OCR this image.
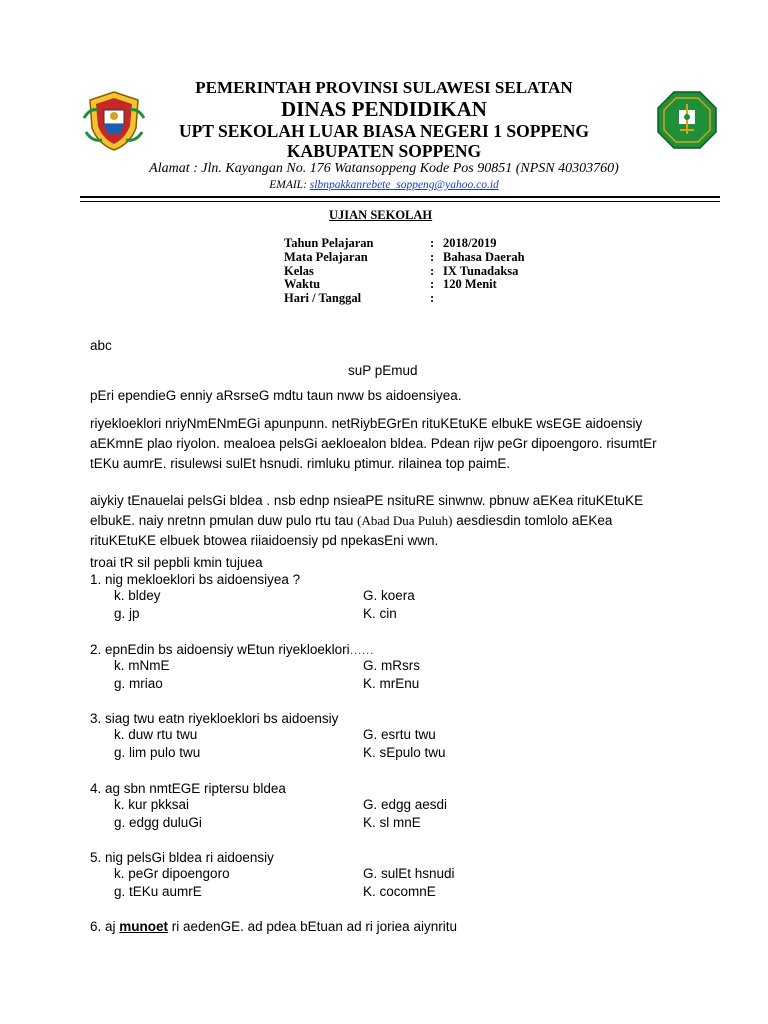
PEMERINTAH PROVINSI SULAWESI SELATAN
DINAS PENDIDIKAN
UPT SEKOLAH LUAR BIASA NEGERI 1 SOPPENG
KABUPATEN SOPPENG
Alamat : Jln. Kayangan No. 176 Watansoppeng Kode Pos 90851 (NPSN 40303760)
EMAIL: slbnpakkanrebete_soppeng@yahoo.co.id
UJIAN SEKOLAH
Tahun Pelajaran	: 2018/2019
Mata Pelajaran	: Bahasa Daerah
Kelas	: IX Tunadaksa
Waktu	: 120 Menit
Hari / Tanggal	:
abc
suP pEmud
pEri ependieG enniy aRsrseG mdtu taun nww bs aidoensiyea.
riyekloeklori nriyNmENmEGi apunpunn. netRiybEGrEn rituKEtuKE elbukE wsEGE aidoensiy aEKmnE plao riyolon. mealoea pelsGi aekloealon bldea. Pdean rijw peGr dipoengoro. risumtEr tEKu aumrE. risulewsi sulEt hsnudi. rimluku ptimur. rilainea top paimE.
aiykiy tEnauelai pelsGi bldea . nsb ednp nsieaPE nsituRE sinwnw. pbnuw aEKea rituKEtuKE elbukE. naiy nretnn pmulan duw pulo rtu tau (Abad Dua Puluh) aesdiesdin tomlolo aEKea rituKEtuKE elbuek btowea riiaidoensiy pd npekasEni wwn.
troai tR sil pepbli kmin tujuea
1. nig mekloeklori bs aidoensiyea ?
k. bldey	G. koera
g. jp	K. cin
2. epnEdin bs aidoensiy wEtun riyekloeklori……
k. mNmE	G. mRsrs
g. mriao	K. mrEnu
3. siag twu eatn riyekloeklori bs aidoensiy
k. duw rtu twu	G. esrtu twu
g. lim pulo twu	K. sEpulo twu
4. ag sbn nmtEGE riptersu bldea
k. kur pkksai	G. edgg aesdi
g. edgg duluGi	K. sl mnE
5. nig pelsGi bldea ri aidoensiy
k. peGr dipoengoro	G. sulEt hsnudi
g. tEKu aumrE	K. cocomnE
6. aj munoet ri aedenGE. ad pdea bEtuan ad ri joriea aiynritu
